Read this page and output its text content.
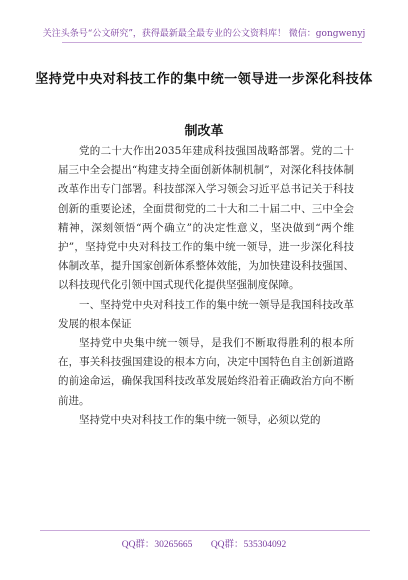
关注头条号“公文研究”，获得最新最全最专业的公文资料库！ 微信：gongwenyj
坚持党中央对科技工作的集中统一领导进一步深化科技体
制改革

党的二十大作出2035年建成科技强国战略部署。党的二十届三中全会提出“构建支持全面创新体制机制”，对深化科技体制改革作出专门部署。科技部深入学习领会习近平总书记关于科技创新的重要论述，全面贯彻党的二十大和二十届二中、三中全会精神，深刻领悟“两个确立”的决定性意义，坚决做到“两个维护”，坚持党中央对科技工作的集中统一领导，进一步深化科技体制改革，提升国家创新体系整体效能，为加快建设科技强国、以科技现代化引领中国式现代化提供坚强制度保障。

一、坚持党中央对科技工作的集中统一领导是我国科技改革发展的根本保证

坚持党中央集中统一领导，是我们不断取得胜利的根本所在，事关科技强国建设的根本方向，决定中国特色自主创新道路的前途命运，确保我国科技改革发展始终沿着正确政治方向不断前进。

坚持党中央对科技工作的集中统一领导，必须以党的

QQ群：30265665 QQ群：535304092
